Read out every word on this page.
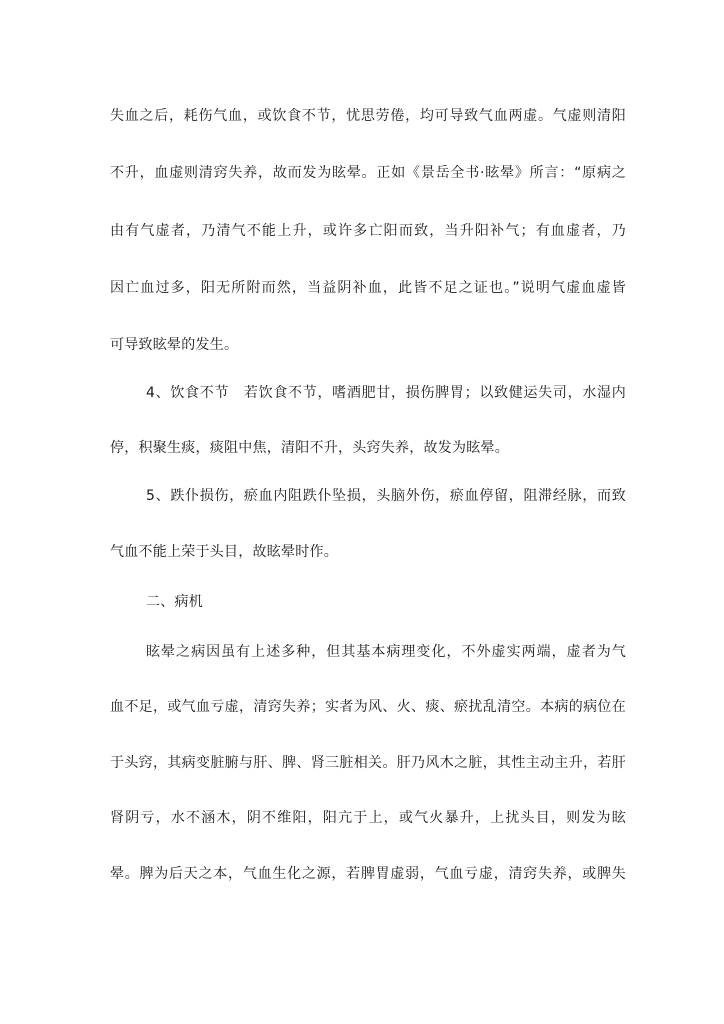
失血之后，耗伤气血，或饮食不节，忧思劳倦，均可导致气血两虚。气虚则清阳
不升，血虚则清窍失养，故而发为眩晕。正如《景岳全书·眩晕》所言：“原病之
由有气虚者，乃清气不能上升，或许多亡阳而致，当升阳补气；有血虚者，乃
因亡血过多，阳无所附而然，当益阴补血，此皆不足之证也。”说明气虚血虚皆
可导致眩晕的发生。
4、饮食不节　若饮食不节，嗜酒肥甘，损伤脾胃；以致健运失司，水湿内
停，积聚生痰，痰阻中焦，清阳不升，头窍失养，故发为眩晕。
5、跌仆损伤，瘀血内阻跌仆坠损，头脑外伤，瘀血停留，阻滞经脉，而致
气血不能上荣于头目，故眩晕时作。
二、病机
眩晕之病因虽有上述多种，但其基本病理变化，不外虚实两端，虚者为气
血不足，或气血亏虚，清窍失养；实者为风、火、痰、瘀扰乱清空。本病的病位在
于头窍，其病变脏腑与肝、脾、肾三脏相关。肝乃风木之脏，其性主动主升，若肝
肾阴亏，水不涵木，阴不维阳，阳亢于上，或气火暴升，上扰头目，则发为眩
晕。脾为后天之本，气血生化之源，若脾胃虚弱，气血亏虚，清窍失养，或脾失
